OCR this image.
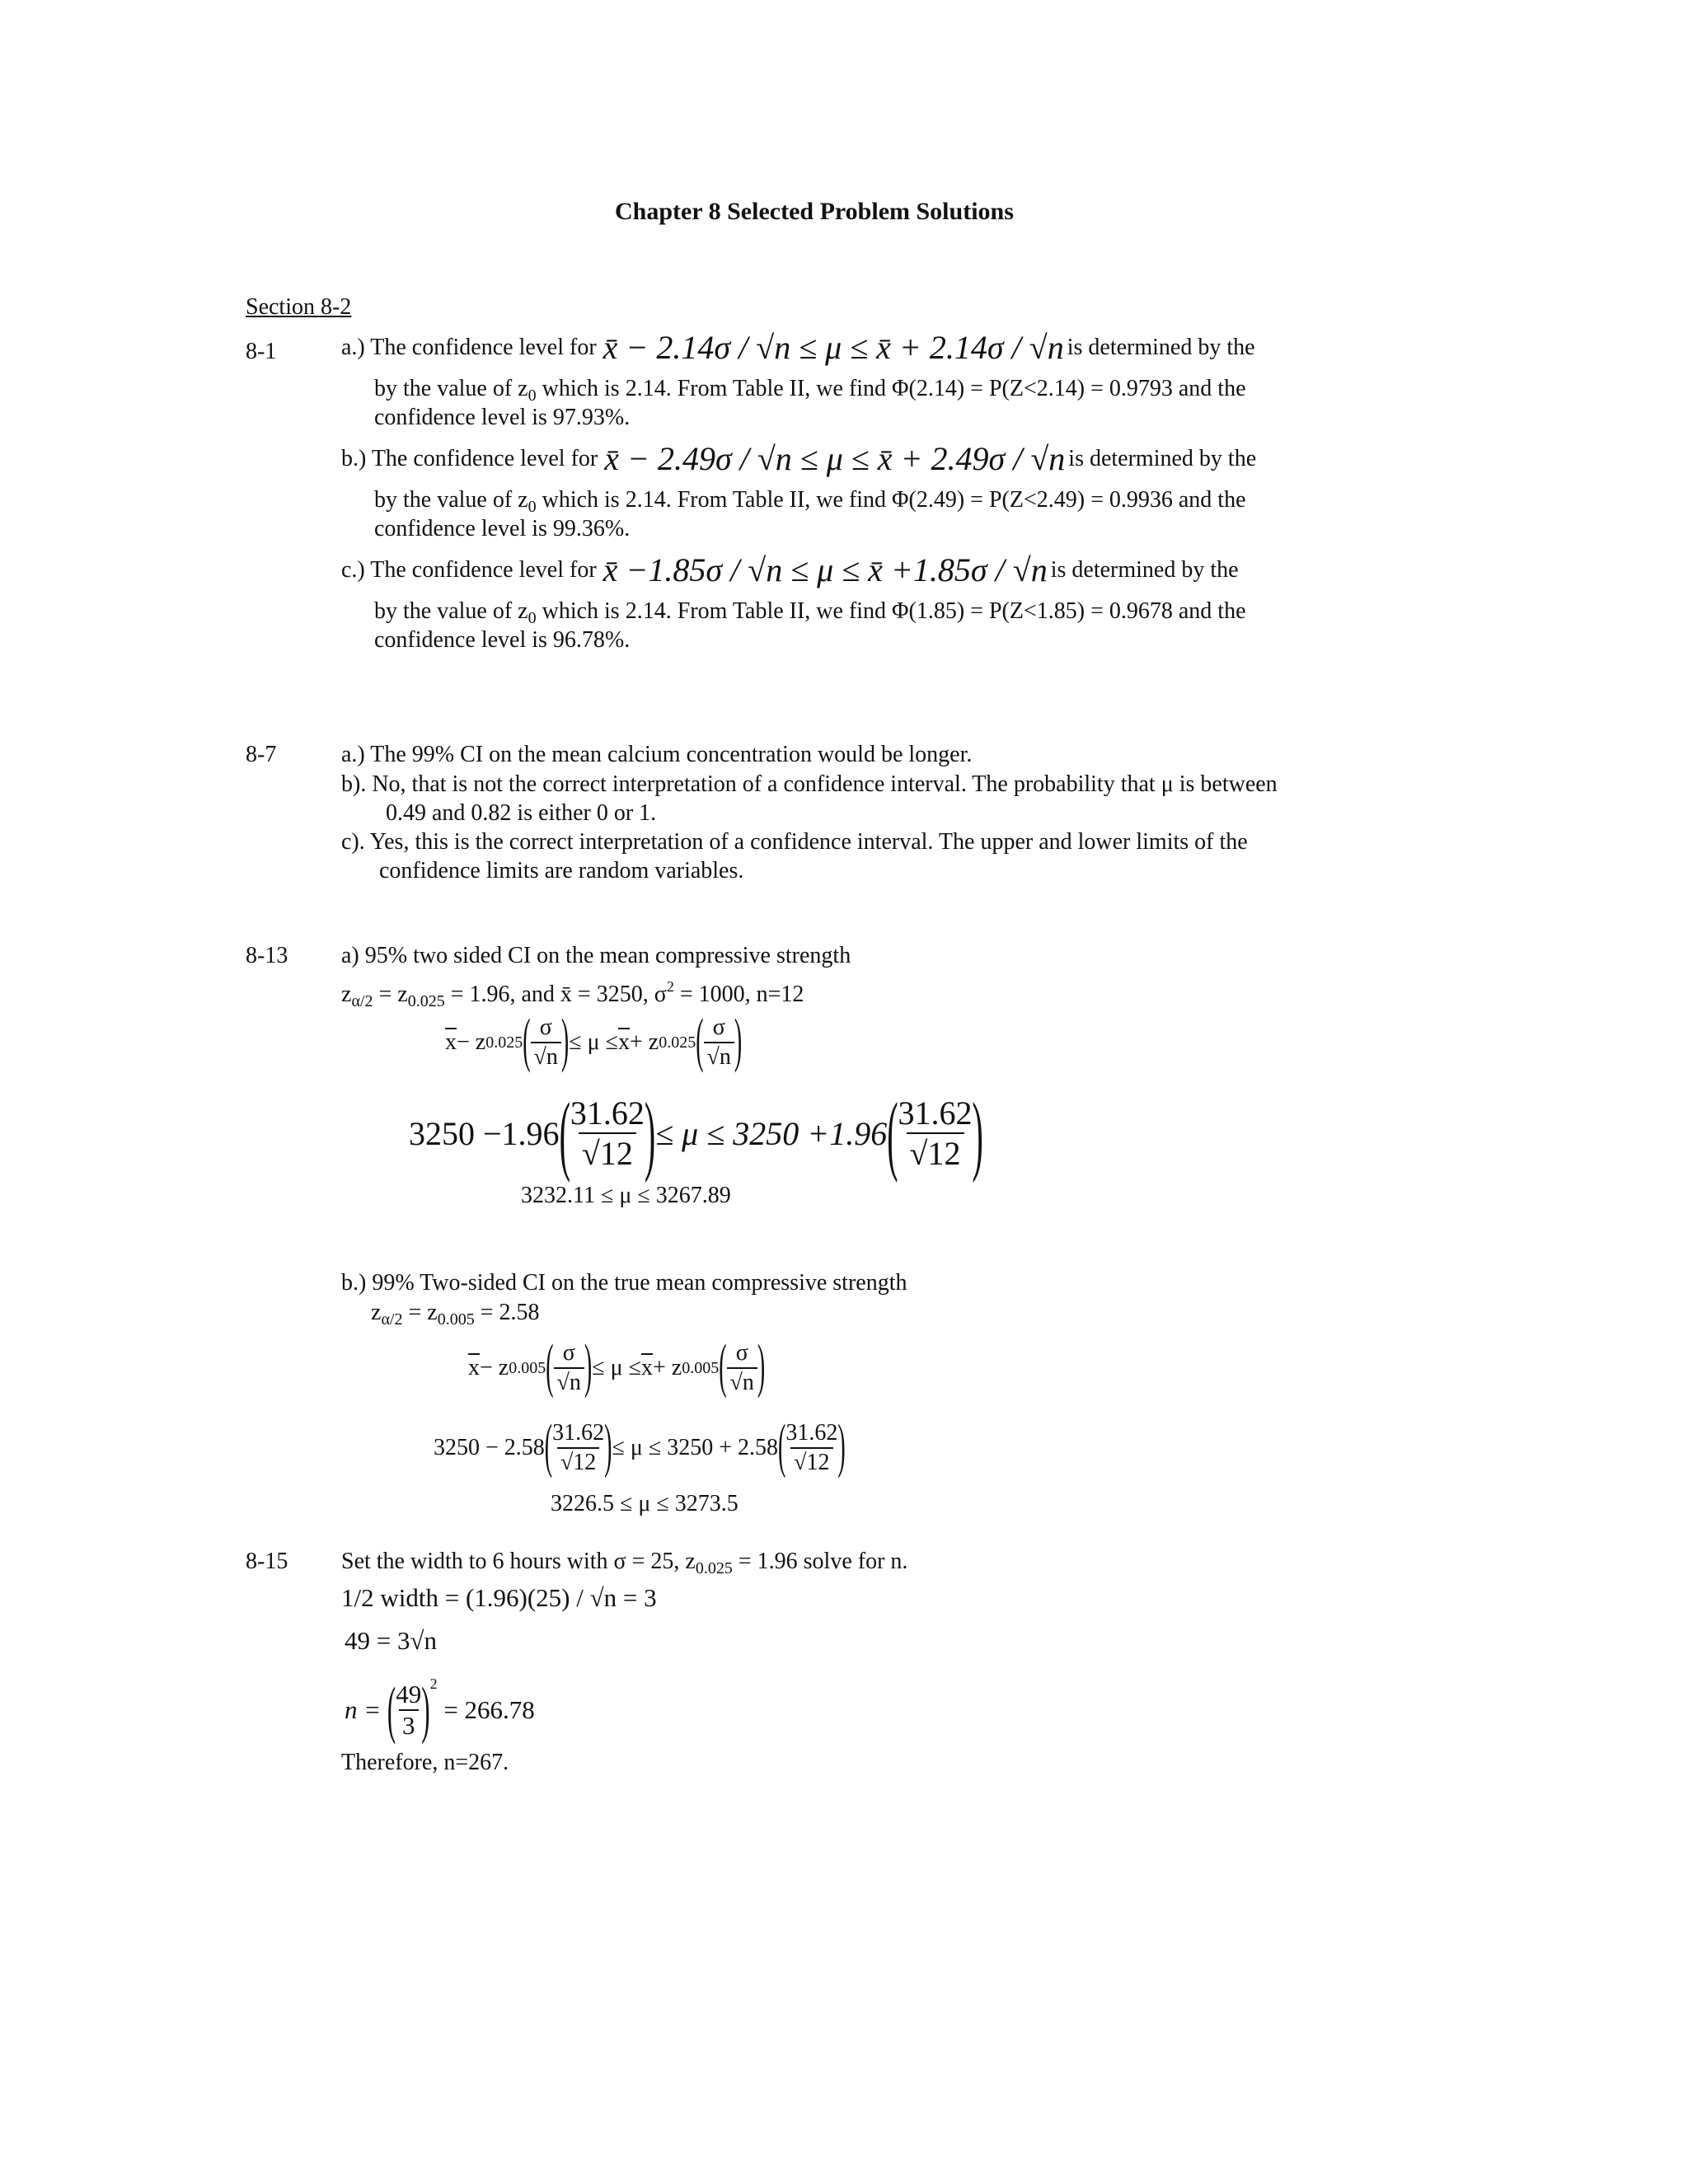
Chapter 8 Selected Problem Solutions
Section 8-2
8-1	a.) The confidence level for
x̄ − 2.14σ / √n ≤ μ ≤ x̄ + 2.14σ / √n
is determined by the
by the value of $z_0$ which is 2.14. From Table II, we find Φ(2.14) = P(Z<2.14) = 0.9793 and the
confidence level is 97.93%.
b.) The confidence level for
x̄ − 2.49σ / √n ≤ μ ≤ x̄ + 2.49σ / √n
is determined by the
by the value of $z_0$ which is 2.14. From Table II, we find Φ(2.49) = P(Z<2.49) = 0.9936 and the
confidence level is 99.36%.
c.) The confidence level for
x̄ −1.85σ / √n ≤ μ ≤ x̄ +1.85σ / √n
is determined by the
by the value of $z_0$ which is 2.14. From Table II, we find Φ(1.85) = P(Z<1.85) = 0.9678 and the
confidence level is 96.78%.
8-7	a.) The 99% CI on the mean calcium concentration would be longer.
b). No, that is not the correct interpretation of a confidence interval. The probability that μ is between
0.49 and 0.82 is either 0 or 1.
c). Yes, this is the correct interpretation of a confidence interval. The upper and lower limits of the
confidence limits are random variables.
8-13 a) 95% two sided CI on the mean compressive strength
$z_{\alpha/2} = z_{0.025} = 1.96$, and x̄ = 3250, $\sigma^2 = 1000$, n=12
$\overline{x} - z$ 0.025 ( $\frac{\sigma}{√n}$ ) ≤ $\mu \le \overline{x} + z$ 0.025 ( $\frac{\sigma}{√n}$ )
3250 −1.96 ( $\frac{31.62}{√12}$ ) ≤ μ ≤ 3250 +1.96 ( $\frac{31.62}{√12}$ )
3232.11 ≤ μ ≤ 3267.89
b.) 99% Two-sided CI on the true mean compressive strength
$z_{\alpha/2} = z_{0.005} = 2.58$
$\overline{x} - z$ 0.005 ( $\frac{\sigma}{√n}$ ) ≤ $\mu \le \overline{x} + z$ 0.005 ( $\frac{\sigma}{√n}$ )
3250 − 2.58 ( $\frac{31.62}{√12}$ ) ≤ μ ≤ 3250 + 2.58 ( $\frac{31.62}{√12}$ )
3226.5 ≤ μ ≤ 3273.5
8-15 Set the width to 6 hours with σ = 25, $z_{0.025} = 1.96$ solve for n.
1/2 width = (1.96)(25) / √n = 3
49 = 3√n
n =
( $\frac{49}{3}$ ) 2

= 266.78
Therefore, n=267.
